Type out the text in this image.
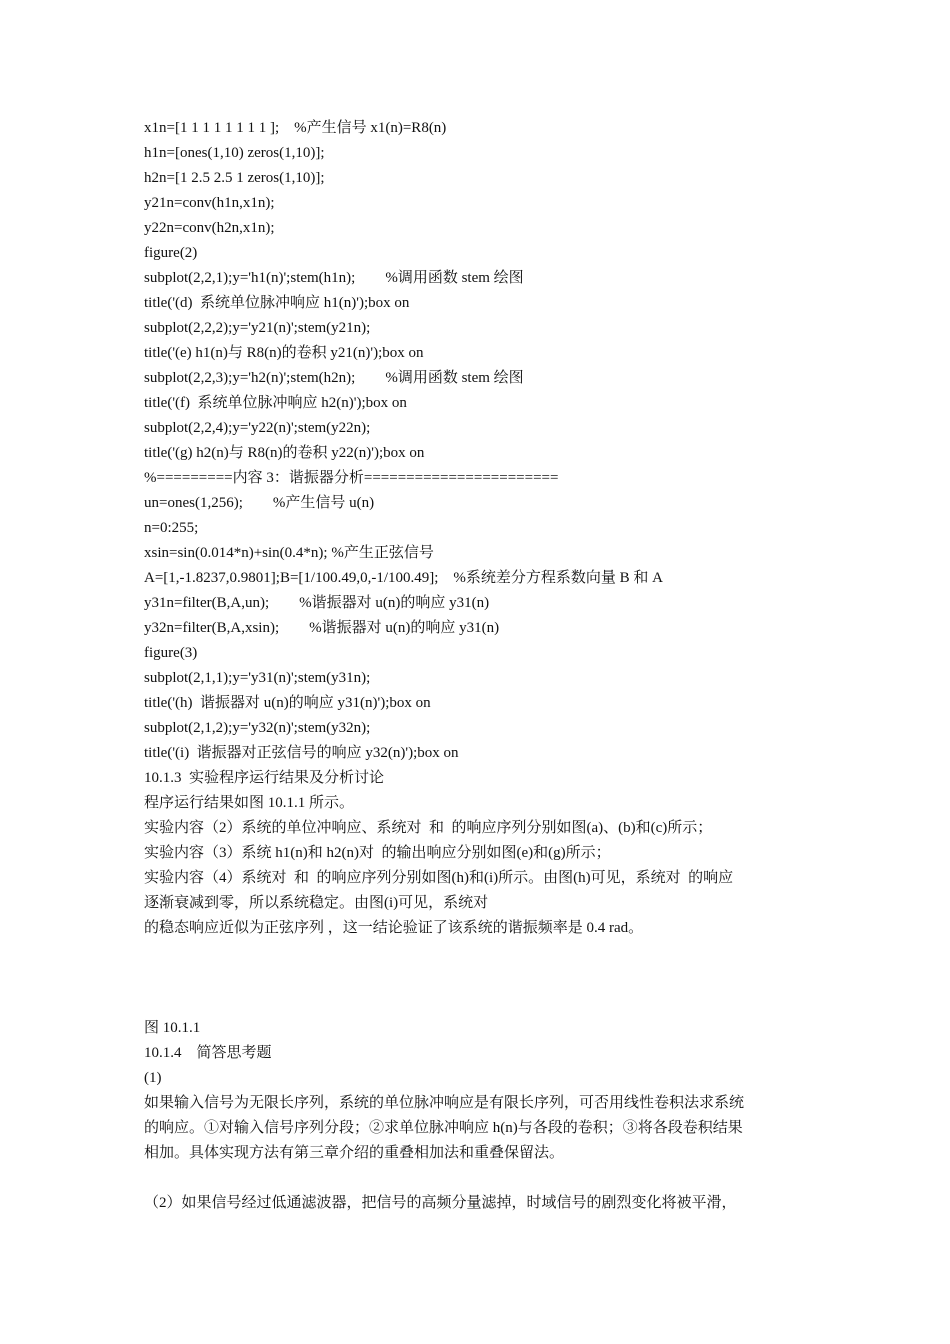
x1n=[1 1 1 1 1 1 1 1 ];    %产生信号 x1(n)=R8(n)
h1n=[ones(1,10) zeros(1,10)];
h2n=[1 2.5 2.5 1 zeros(1,10)];
y21n=conv(h1n,x1n);
y22n=conv(h2n,x1n);
figure(2)
subplot(2,2,1);y='h1(n)';stem(h1n);        %调用函数 stem 绘图
title('(d)  系统单位脉冲响应 h1(n)');box on
subplot(2,2,2);y='y21(n)';stem(y21n);
title('(e) h1(n)与 R8(n)的卷积 y21(n)');box on
subplot(2,2,3);y='h2(n)';stem(h2n);        %调用函数 stem 绘图
title('(f)  系统单位脉冲响应 h2(n)');box on
subplot(2,2,4);y='y22(n)';stem(y22n);
title('(g) h2(n)与 R8(n)的卷积 y22(n)');box on
%=========内容 3：谐振器分析=======================
un=ones(1,256);        %产生信号 u(n)
n=0:255;
xsin=sin(0.014*n)+sin(0.4*n); %产生正弦信号
A=[1,-1.8237,0.9801];B=[1/100.49,0,-1/100.49];    %系统差分方程系数向量 B 和 A
y31n=filter(B,A,un);        %谐振器对 u(n)的响应 y31(n)
y32n=filter(B,A,xsin);        %谐振器对 u(n)的响应 y31(n)
figure(3)
subplot(2,1,1);y='y31(n)';stem(y31n);
title('(h)  谐振器对 u(n)的响应 y31(n)');box on
subplot(2,1,2);y='y32(n)';stem(y32n);
title('(i)  谐振器对正弦信号的响应 y32(n)');box on
10.1.3  实验程序运行结果及分析讨论
程序运行结果如图 10.1.1 所示。
实验内容（2）系统的单位冲响应、系统对  和  的响应序列分别如图(a)、(b)和(c)所示；
实验内容（3）系统 h1(n)和 h2(n)对  的输出响应分别如图(e)和(g)所示；
实验内容（4）系统对  和  的响应序列分别如图(h)和(i)所示。由图(h)可见，系统对  的响应
逐渐衰减到零，所以系统稳定。由图(i)可见，系统对
的稳态响应近似为正弦序列 ，这一结论验证了该系统的谐振频率是 0.4 rad。
图 10.1.1
10.1.4    简答思考题
(1)
如果输入信号为无限长序列，系统的单位脉冲响应是有限长序列，可否用线性卷积法求系统
的响应。①对输入信号序列分段；②求单位脉冲响应 h(n)与各段的卷积；③将各段卷积结果
相加。具体实现方法有第三章介绍的重叠相加法和重叠保留法。
（2）如果信号经过低通滤波器，把信号的高频分量滤掉，时域信号的剧烈变化将被平滑，
